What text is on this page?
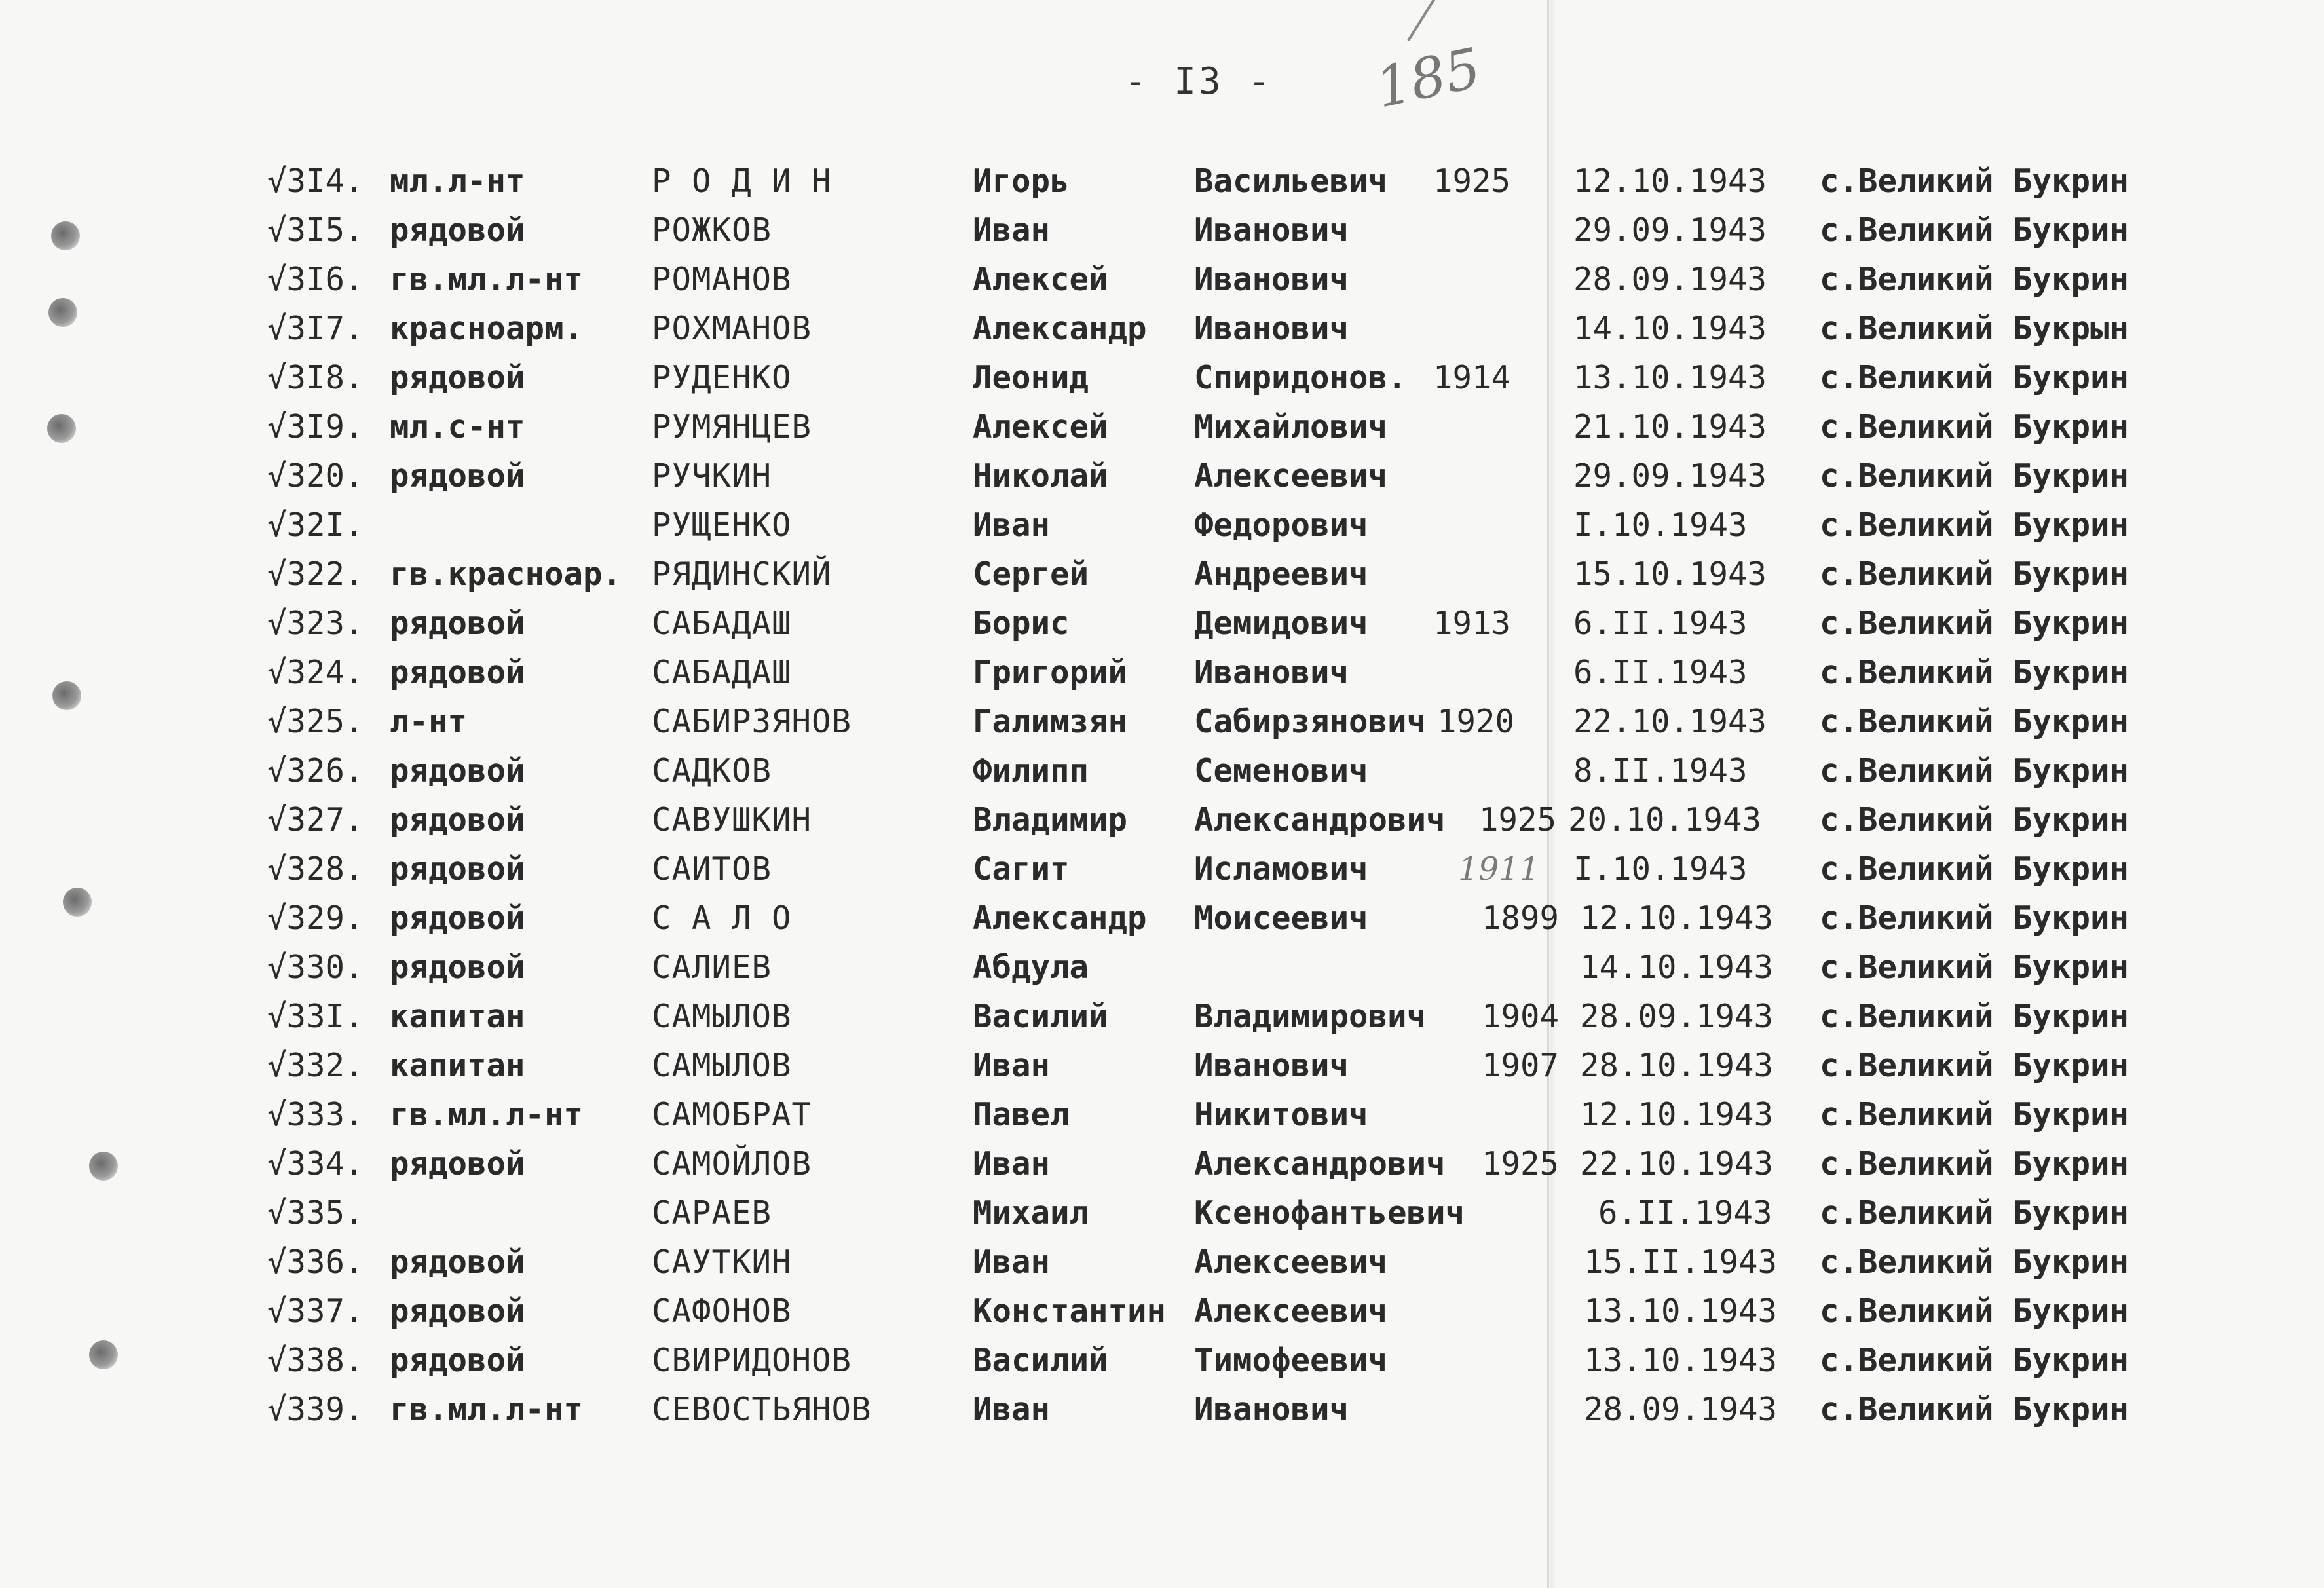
- I3 -	185
√3I4. мл.л-нт	Р О Д И Н	Игорь	Васильевич 1925 12.10.1943 с.Великий Букрин
√3I5. рядовой	РОЖКОВ	Иван	Иванович	29.09.1943 с.Великий Букрин
√3I6. гв.мл.л-нт РОМАНОВ	Алексей	Иванович	28.09.1943 с.Великий Букрин
√3I7. красноарм. РОХМАНОВ	Александр Иванович	14.10.1943 с.Великий Букрын
√3I8. рядовой	РУДЕНКО	Леонид	Спиридонов. 1914 13.10.1943 с.Великий Букрин
√3I9. мл.с-нт	РУМЯНЦЕВ	Алексей	Михайлович	21.10.1943 с.Великий Букрин
√320. рядовой	РУЧКИН	Николай	Алексеевич	29.09.1943 с.Великий Букрин
√32I.	РУЩЕНКО	Иван	Федорович	I.10.1943 с.Великий Букрин
√322. гв.красноар. РЯДИНСКИЙ	Сергей	Андреевич	15.10.1943 с.Великий Букрин
√323. рядовой	САБАДАШ	Борис	Демидович 1913 6.II.1943 с.Великий Букрин
√324. рядовой	САБАДАШ	Григорий Иванович	6.II.1943 с.Великий Букрин
√325. л-нт	САБИРЗЯНОВ	Галимзян Сабирзянович 1920 22.10.1943 с.Великий Букрин
√326. рядовой	САДКОВ	Филипп	Семенович	8.II.1943 с.Великий Букрин
√327. рядовой	САВУШКИН	Владимир Александрович 1925 20.10.1943 с.Великий Букрин
√328. рядовой	САИТОВ	Сагит	Исламович	1911 I.10.1943 с.Великий Букрин
√329. рядовой	С А Л О	Александр Моисеевич	1899 12.10.1943 с.Великий Букрин
√330. рядовой	САЛИЕВ	Абдула	14.10.1943 с.Великий Букрин
√33I. капитан	САМЫЛОВ	Василий	Владимирович 1904 28.09.1943 с.Великий Букрин
√332. капитан	САМЫЛОВ	Иван	Иванович	1907 28.10.1943 с.Великий Букрин
√333. гв.мл.л-нт САМОБРАТ	Павел	Никитович	12.10.1943 с.Великий Букрин
√334. рядовой	САМОЙЛОВ	Иван	Александрович 1925 22.10.1943 с.Великий Букрин
√335.	САРАЕВ	Михаил	Ксенофантьевич	6.II.1943 с.Великий Букрин
√336. рядовой	САУТКИН	Иван	Алексеевич	15.II.1943 с.Великий Букрин
√337. рядовой	САФОНОВ	Константин Алексеевич	13.10.1943 с.Великий Букрин
√338. рядовой	СВИРИДОНОВ	Василий	Тимофеевич	13.10.1943 с.Великий Букрин
√339. гв.мл.л-нт СЕВОСТЬЯНОВ	Иван	Иванович	28.09.1943 с.Великий Букрин
